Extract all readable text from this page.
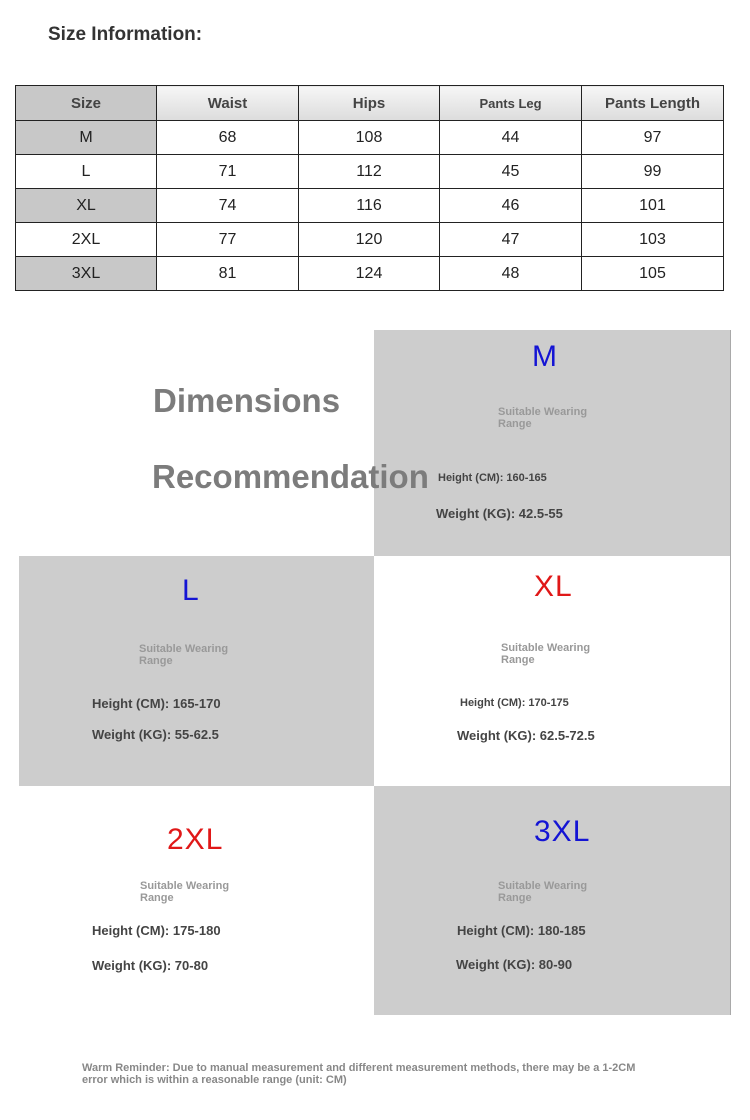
Size Information:
Size	Waist	Hips	Pants Leg	Pants Length
M	68	108	44	97
L	71	112	45	99
XL	74	116	46	101
2XL	77	120	47	103
3XL	81	124	48	105
Dimensions
Recommendation
M
Suitable Wearing Range
Height (CM): 160-165
Weight (KG): 42.5-55
L
Suitable Wearing Range
Height (CM): 165-170
Weight (KG): 55-62.5
XL
Suitable Wearing Range
Height (CM): 170-175
Weight (KG): 62.5-72.5
2XL
Suitable Wearing Range
Height (CM): 175-180
Weight (KG): 70-80
3XL
Suitable Wearing Range
Height (CM): 180-185
Weight (KG): 80-90
Warm Reminder: Due to manual measurement and different measurement methods, there may be a 1-2CM error which is within a reasonable range (unit: CM)
